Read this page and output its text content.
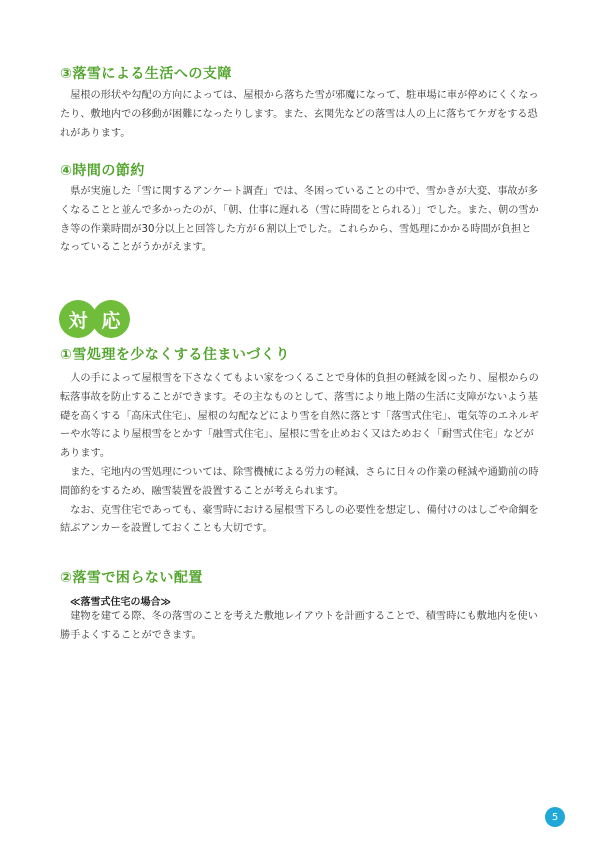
③落雪による生活への支障

屋根の形状や勾配の方向によっては、屋根から落ちた雪が邪魔になって、駐車場に車が停めにくくなったり、敷地内での移動が困難になったりします。また、玄関先などの落雪は人の上に落ちてケガをする恐れがあります。

④時間の節約

県が実施した「雪に関するアンケート調査」では、冬困っていることの中で、雪かきが大変、事故が多くなることと並んで多かったのが、「朝、仕事に遅れる（雪に時間をとられる）」でした。また、朝の雪かき等の作業時間が30分以上と回答した方が６割以上でした。これらから、雪処理にかかる時間が負担となっていることがうかがえます。

対 応
①雪処理を少なくする住まいづくり

人の手によって屋根雪を下さなくてもよい家をつくることで身体的負担の軽減を図ったり、屋根からの転落事故を防止することができます。その主なものとして、落雪により地上階の生活に支障がないよう基礎を高くする「高床式住宅」、屋根の勾配などにより雪を自然に落とす「落雪式住宅」、電気等のエネルギーや水等により屋根雪をとかす「融雪式住宅」、屋根に雪を止めおく又はためおく「耐雪式住宅」などがあります。

また、宅地内の雪処理については、除雪機械による労力の軽減、さらに日々の作業の軽減や通勤前の時間節約をするため、融雪装置を設置することが考えられます。

なお、克雪住宅であっても、豪雪時における屋根雪下ろしの必要性を想定し、備付けのはしごや命綱を結ぶアンカーを設置しておくことも大切です。

②落雪で困らない配置
≪落雪式住宅の場合≫

建物を建てる際、冬の落雪のことを考えた敷地レイアウトを計画することで、積雪時にも敷地内を使い勝手よくすることができます。

5
